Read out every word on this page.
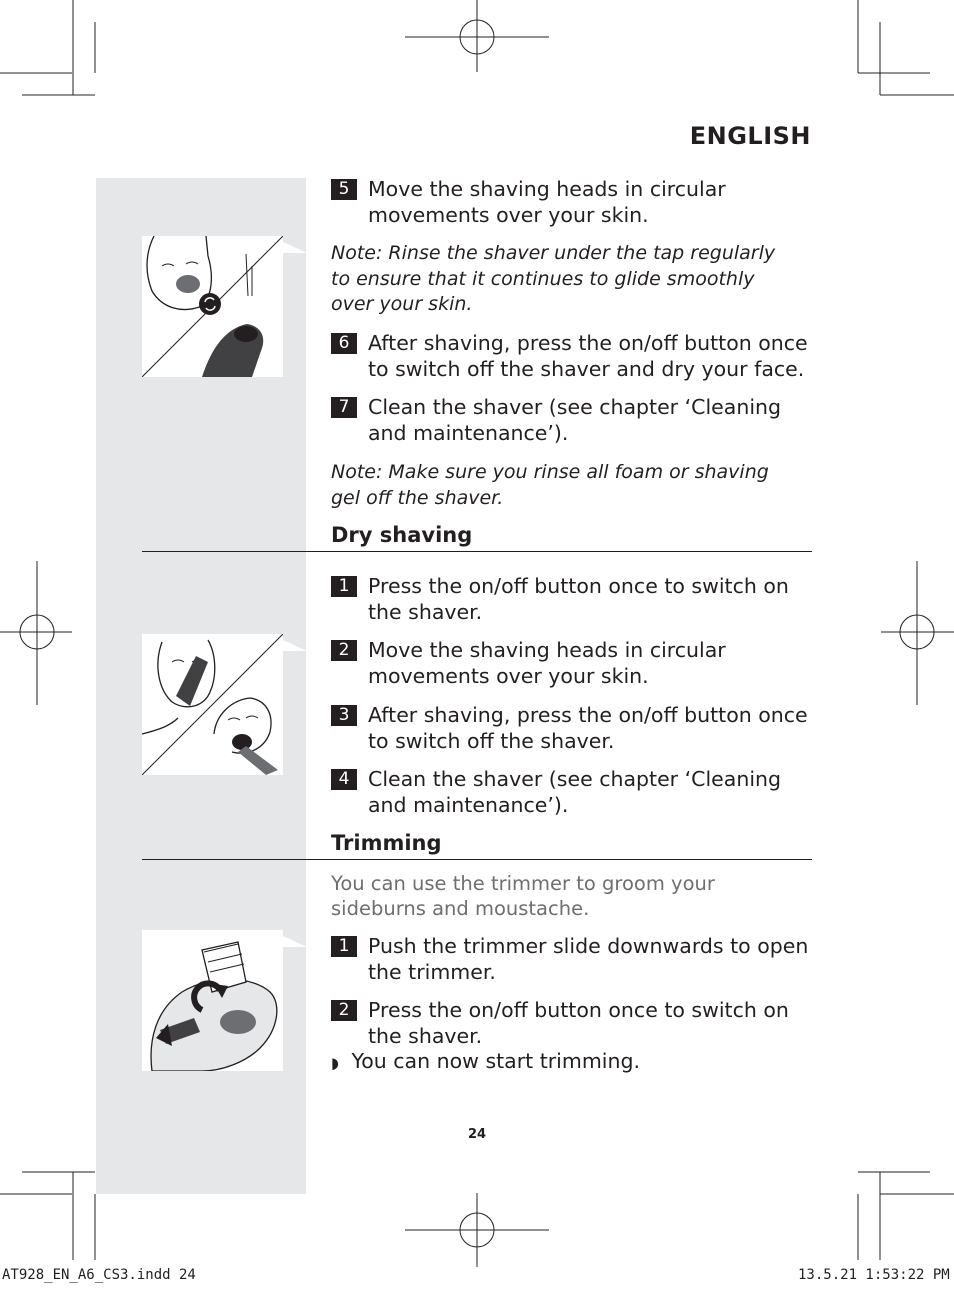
ENGLISH
5 Move the shaving heads in circular movements over your skin.
Note: Rinse the shaver under the tap regularly to ensure that it continues to glide smoothly over your skin.
6 After shaving, press the on/off button once to switch off the shaver and dry your face.
7 Clean the shaver (see chapter ‘Cleaning and maintenance’).
Note: Make sure you rinse all foam or shaving gel off the shaver.
Dry shaving
1 Press the on/off button once to switch on the shaver.
2 Move the shaving heads in circular movements over your skin.
3 After shaving, press the on/off button once to switch off the shaver.
4 Clean the shaver (see chapter ‘Cleaning and maintenance’).
Trimming
You can use the trimmer to groom your sideburns and moustache.
1 Push the trimmer slide downwards to open the trimmer.
2 Press the on/off button once to switch on the shaver.
◗ You can now start trimming.
24
AT928_EN_A6_CS3.indd 24	13.5.21 1:53:22 PM
